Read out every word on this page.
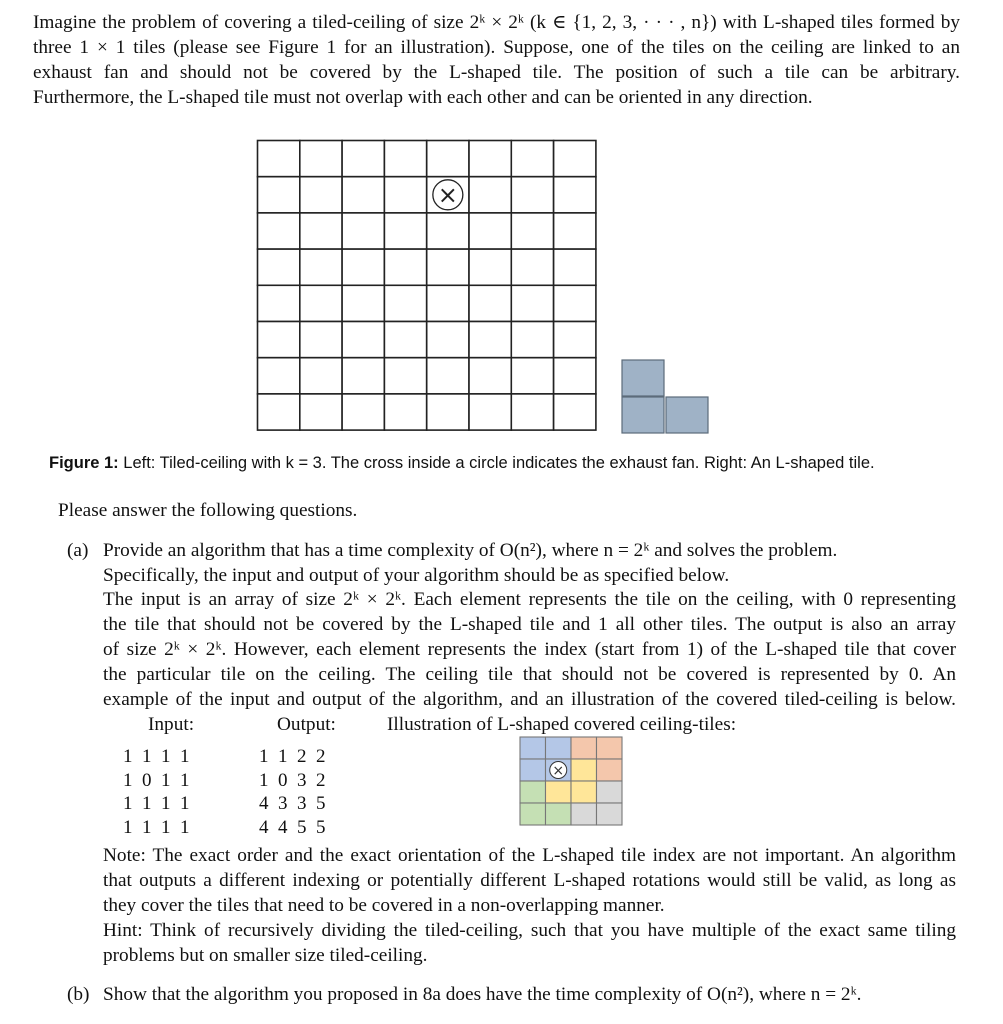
Imagine the problem of covering a tiled-ceiling of size 2ᵏ × 2ᵏ (k ∈ {1, 2, 3, · · · , n}) with L-shaped tiles formed by
three 1 × 1 tiles (please see Figure 1 for an illustration). Suppose, one of the tiles on the ceiling are linked to an
exhaust fan and should not be covered by the L-shaped tile. The position of such a tile can be arbitrary.
Furthermore, the L-shaped tile must not overlap with each other and can be oriented in any direction.
×
Figure 1: Left: Tiled-ceiling with k = 3. The cross inside a circle indicates the exhaust fan. Right: An L-shaped tile.
Please answer the following questions.
(a) Provide an algorithm that has a time complexity of O(n²), where n = 2ᵏ and solves the problem.
Specifically, the input and output of your algorithm should be as specified below.
The input is an array of size 2ᵏ × 2ᵏ. Each element represents the tile on the ceiling, with 0 representing
the tile that should not be covered by the L-shaped tile and 1 all other tiles. The output is also an array
of size 2ᵏ × 2ᵏ. However, each element represents the index (start from 1) of the L-shaped tile that cover
the particular tile on the ceiling. The ceiling tile that should not be covered is represented by 0. An
example of the input and output of the algorithm, and an illustration of the covered tiled-ceiling is below.
Input:	Output:	Illustration of L-shaped covered ceiling-tiles:
1 1 1 1
1 0 1 1
1 1 1 1
1 1 1 1
1 1 2 2
1 0 3 2
4 3 3 5
4 4 5 5
×
Note: The exact order and the exact orientation of the L-shaped tile index are not important. An algorithm
that outputs a different indexing or potentially different L-shaped rotations would still be valid, as long as
they cover the tiles that need to be covered in a non-overlapping manner.
Hint: Think of recursively dividing the tiled-ceiling, such that you have multiple of the exact same tiling
problems but on smaller size tiled-ceiling.
(b) Show that the algorithm you proposed in 8a does have the time complexity of O(n²), where n = 2ᵏ.
